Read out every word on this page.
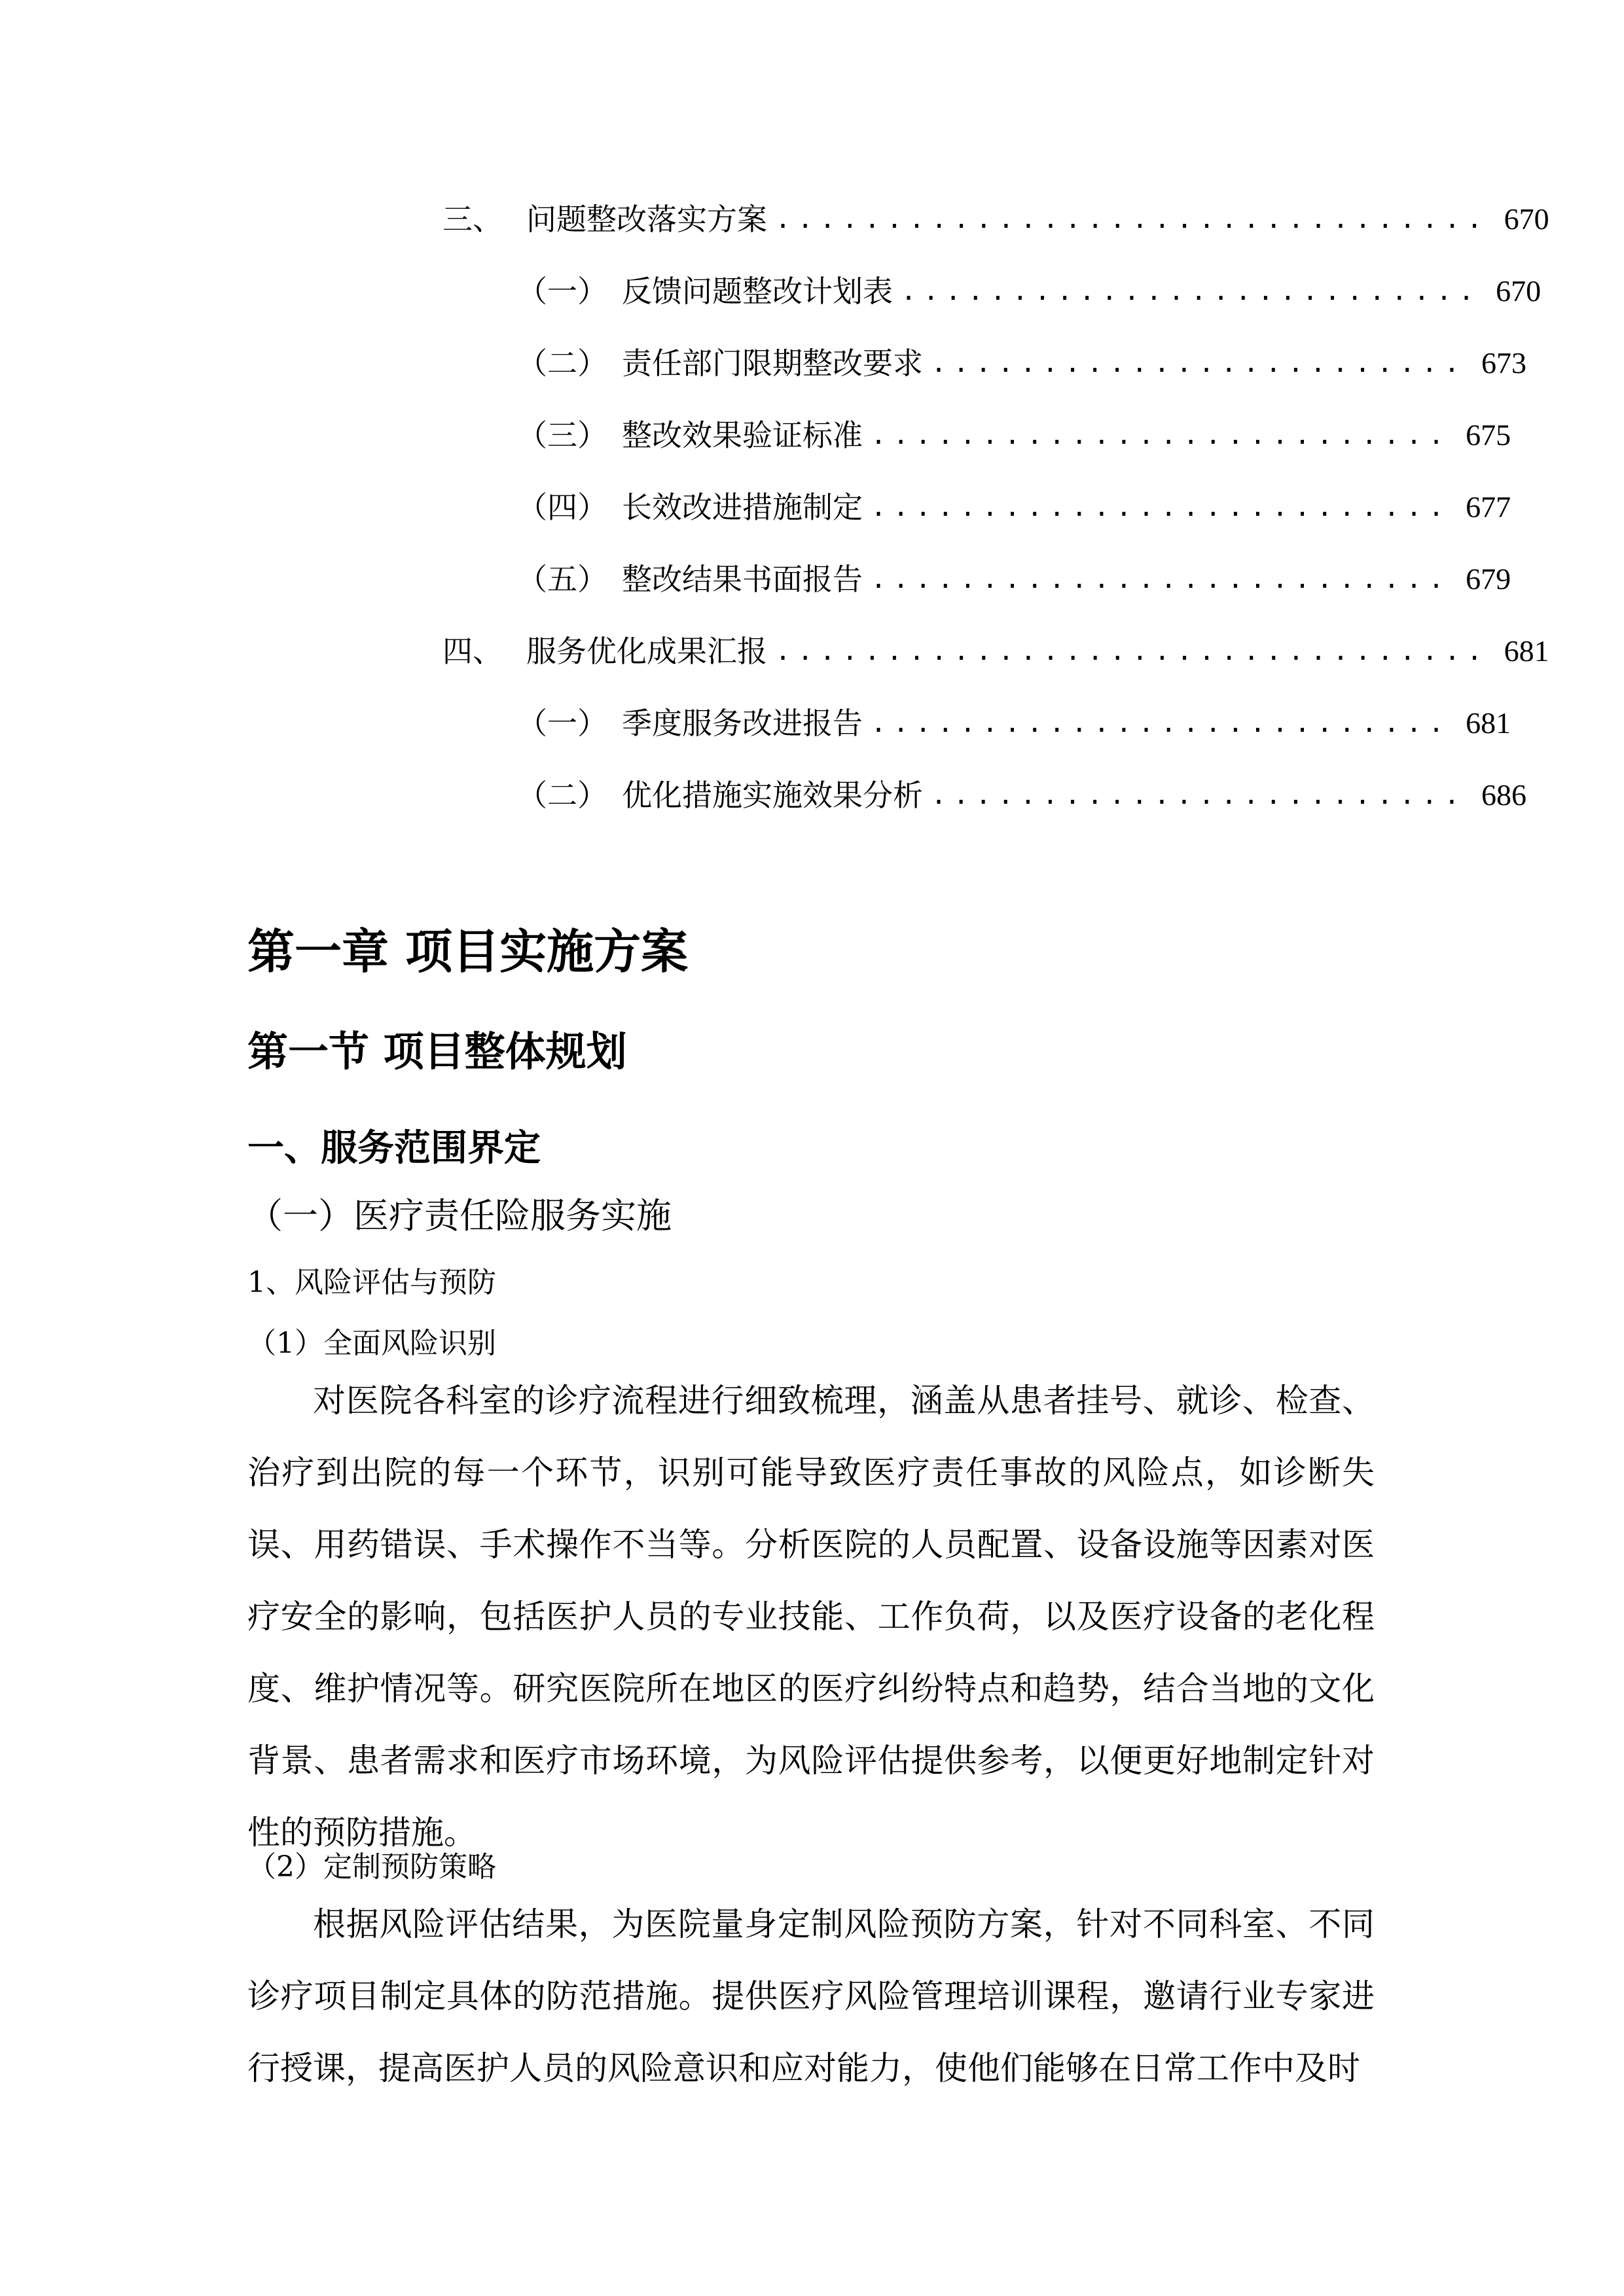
三、 问题整改落实方案 ................................ 670
（一） 反馈问题整改计划表 .......................... 670
（二） 责任部门限期整改要求 ........................ 673
（三） 整改效果验证标准 .......................... 675
（四） 长效改进措施制定 .......................... 677
（五） 整改结果书面报告 .......................... 679
四、 服务优化成果汇报 ................................ 681
（一） 季度服务改进报告 .......................... 681
（二） 优化措施实施效果分析 ........................ 686
第一章 项目实施方案
第一节 项目整体规划
一、服务范围界定
（一）医疗责任险服务实施
1、风险评估与预防
（1）全面风险识别
对医院各科室的诊疗流程进行细致梳理，涵盖从患者挂号、就诊、检查、治疗到出院的每一个环节，识别可能导致医疗责任事故的风险点，如诊断失误、用药错误、手术操作不当等。分析医院的人员配置、设备设施等因素对医疗安全的影响，包括医护人员的专业技能、工作负荷，以及医疗设备的老化程度、维护情况等。研究医院所在地区的医疗纠纷特点和趋势，结合当地的文化背景、患者需求和医疗市场环境，为风险评估提供参考，以便更好地制定针对性的预防措施。
（2）定制预防策略
根据风险评估结果，为医院量身定制风险预防方案，针对不同科室、不同诊疗项目制定具体的防范措施。提供医疗风险管理培训课程，邀请行业专家进行授课，提高医护人员的风险意识和应对能力，使他们能够在日常工作中及时
